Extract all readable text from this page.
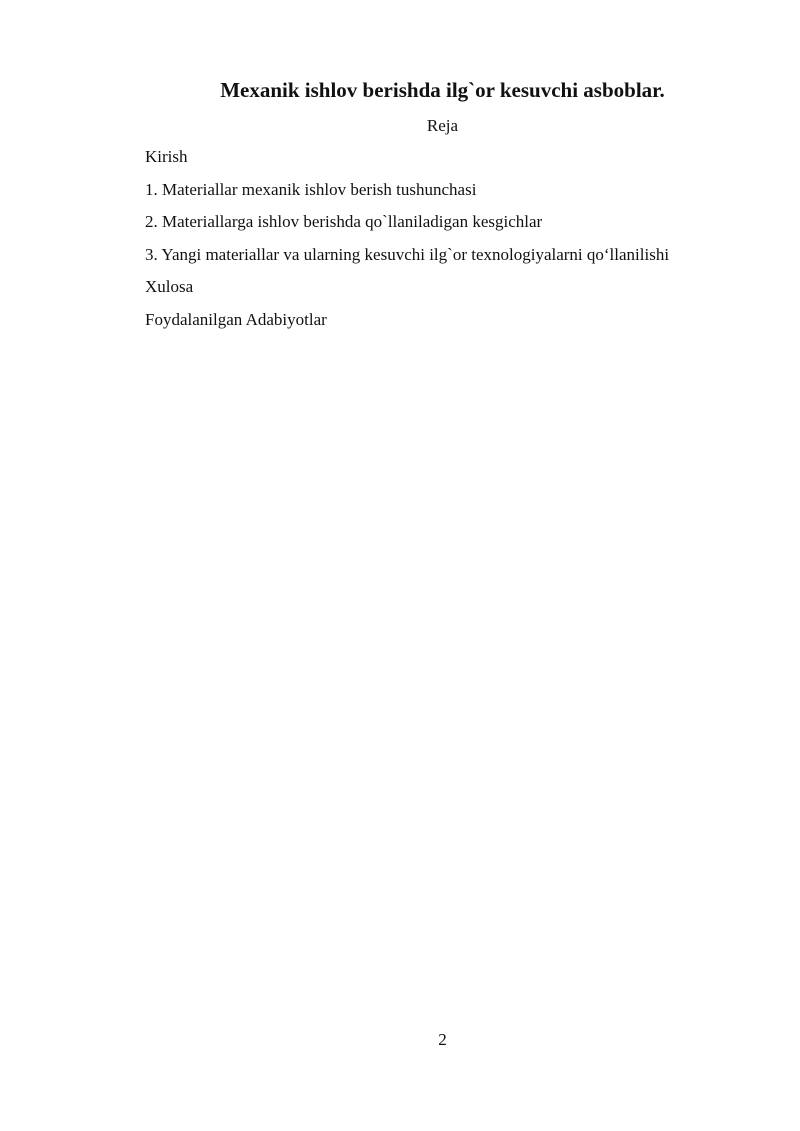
Mexanik ishlov berishda ilg`or kesuvchi asboblar.
Reja
Kirish
1. Materiallar mexanik ishlov berish tushunchasi
2. Materiallarga ishlov berishda qo`llaniladigan kesgichlar
3. Yangi materiallar va ularning kesuvchi ilg`or texnologiyalarni qo‘llanilishi
Xulosa
Foydalanilgan Adabiyotlar
2
